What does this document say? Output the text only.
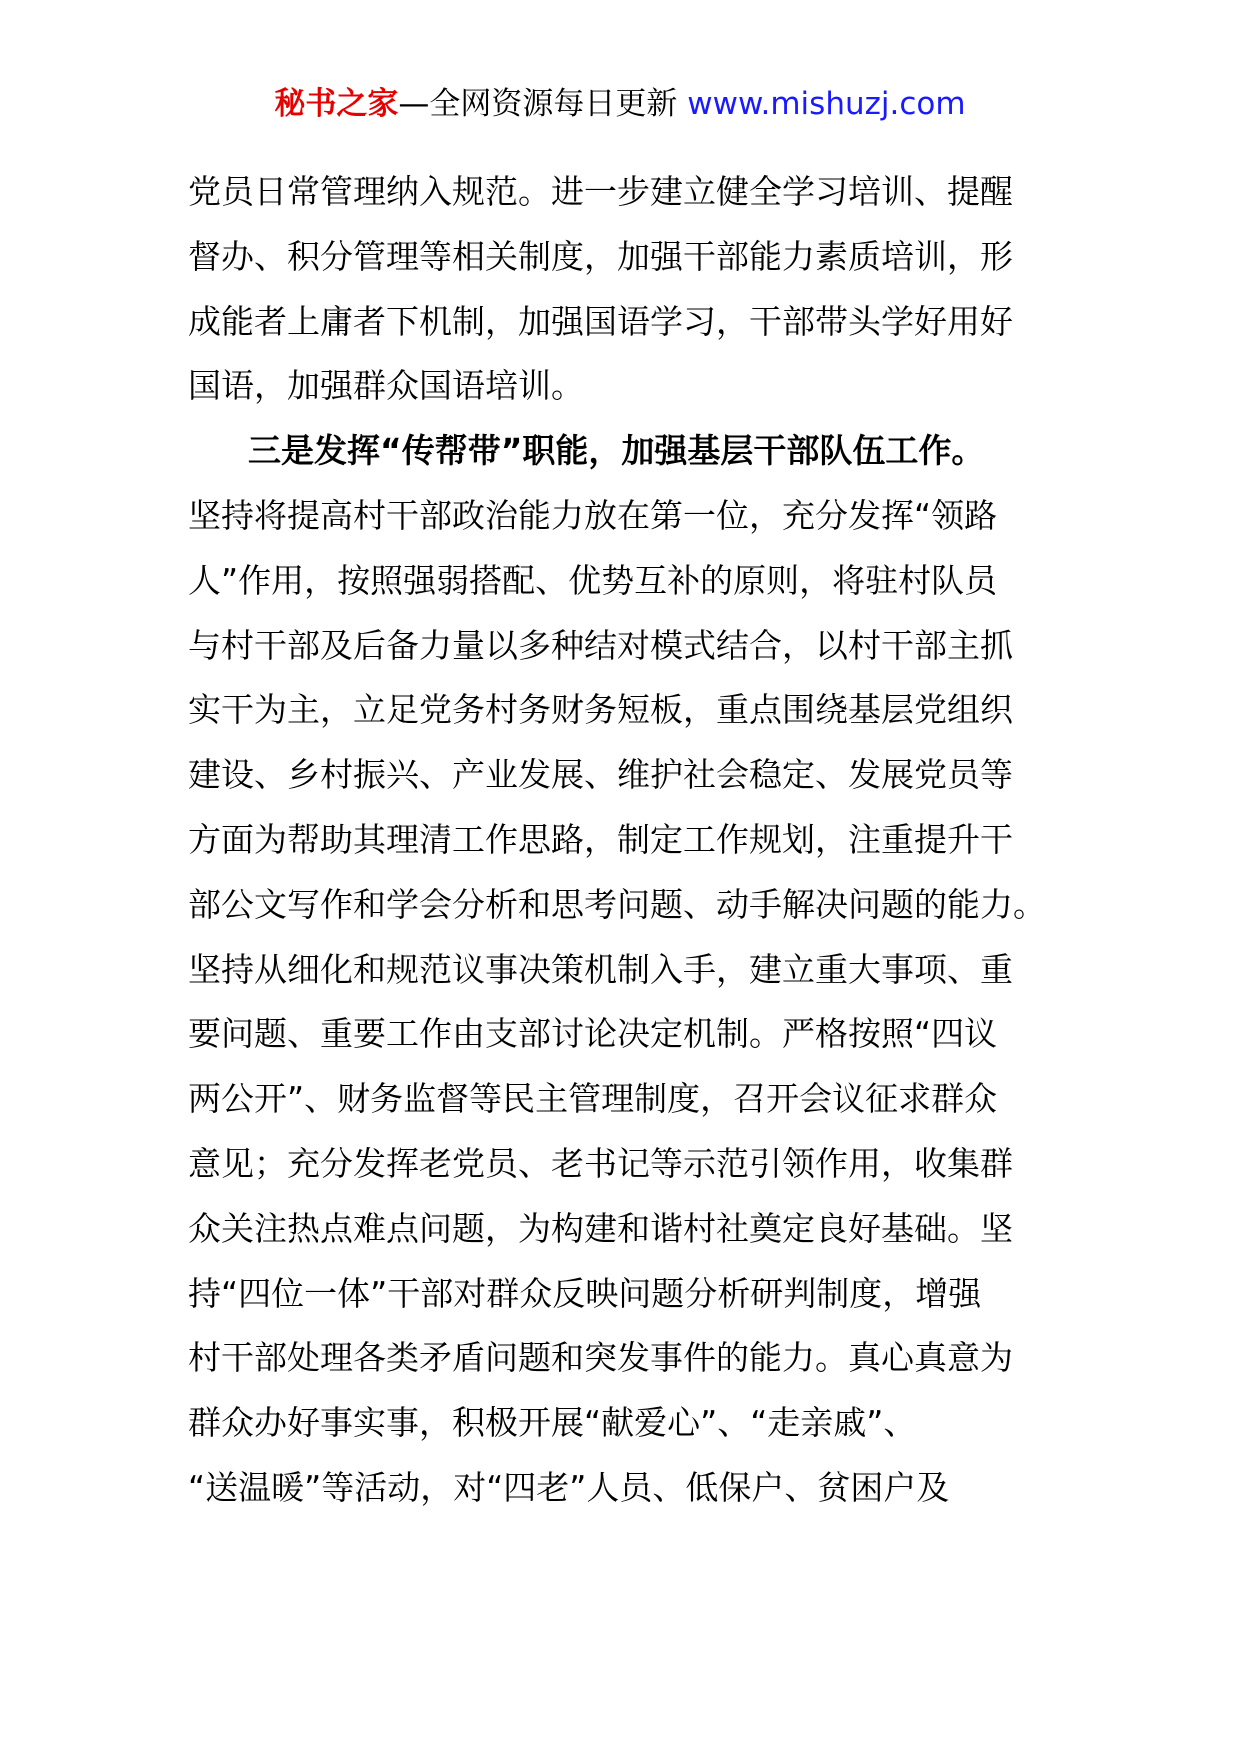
秘书之家—全网资源每日更新 www.mishuzj.com
党员日常管理纳入规范。进一步建立健全学习培训、提醒
督办、积分管理等相关制度，加强干部能力素质培训，形
成能者上庸者下机制，加强国语学习，干部带头学好用好
国语，加强群众国语培训。
三是发挥“传帮带”职能，加强基层干部队伍工作。
坚持将提高村干部政治能力放在第一位，充分发挥“领路
人”作用，按照强弱搭配、优势互补的原则，将驻村队员
与村干部及后备力量以多种结对模式结合，以村干部主抓
实干为主，立足党务村务财务短板，重点围绕基层党组织
建设、乡村振兴、产业发展、维护社会稳定、发展党员等
方面为帮助其理清工作思路，制定工作规划，注重提升干
部公文写作和学会分析和思考问题、动手解决问题的能力。
坚持从细化和规范议事决策机制入手，建立重大事项、重
要问题、重要工作由支部讨论决定机制。严格按照“四议
两公开”、财务监督等民主管理制度，召开会议征求群众
意见；充分发挥老党员、老书记等示范引领作用，收集群
众关注热点难点问题，为构建和谐村社奠定良好基础。坚
持“四位一体”干部对群众反映问题分析研判制度，增强
村干部处理各类矛盾问题和突发事件的能力。真心真意为
群众办好事实事，积极开展“献爱心”、“走亲戚”、
“送温暖”等活动，对“四老”人员、低保户、贫困户及
